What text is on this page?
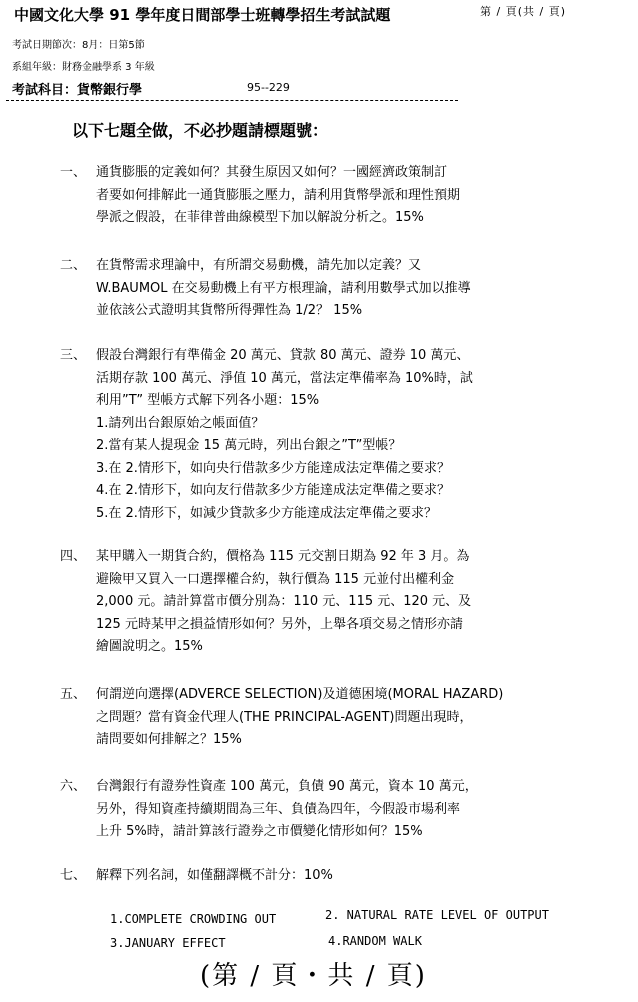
中國文化大學 91 學年度日間部學士班轉學招生考試試題	第 / 頁(共 / 頁)
考試日期節次：8月：日第5節
系組年級：財務金融學系 3 年級
考試科目：貨幣銀行學	95--229
以下七題全做，不必抄題請標題號：
一、 通貨膨脹的定義如何？其發生原因又如何？一國經濟政策制訂
者要如何排解此一通貨膨脹之壓力，請利用貨幣學派和理性預期
學派之假設，在菲律普曲線模型下加以解說分析之。15%
二、 在貨幣需求理論中，有所謂交易動機，請先加以定義？又
W.BAUMOL 在交易動機上有平方根理論，請利用數學式加以推導
並依該公式證明其貨幣所得彈性為 1/2？ 15%
三、 假設台灣銀行有準備金 20 萬元、貸款 80 萬元、證券 10 萬元、
活期存款 100 萬元、淨值 10 萬元，當法定準備率為 10%時，試
利用”T” 型帳方式解下列各小題：15%
1.請列出台銀原始之帳面值？
2.當有某人提現金 15 萬元時，列出台銀之”T”型帳？
3.在 2.情形下，如向央行借款多少方能達成法定準備之要求？
4.在 2.情形下，如向友行借款多少方能達成法定準備之要求？
5.在 2.情形下，如減少貸款多少方能達成法定準備之要求？
四、 某甲購入一期貨合約，價格為 115 元交割日期為 92 年 3 月。為
避險甲又買入一口選擇權合約，執行價為 115 元並付出權利金
2,000 元。請計算當市價分別為：110 元、115 元、120 元、及
125 元時某甲之損益情形如何？另外，上舉各項交易之情形亦請
繪圖說明之。15%
五、 何謂逆向選擇(ADVERCE SELECTION)及道德困境(MORAL HAZARD)
之問題？當有資金代理人(THE PRINCIPAL-AGENT)問題出現時，
請問要如何排解之？15%
六、 台灣銀行有證券性資產 100 萬元，負債 90 萬元，資本 10 萬元，
另外，得知資產持續期間為三年、負債為四年，今假設市場利率
上升 5%時，請計算該行證券之市價變化情形如何？15%
七、 解釋下列名詞，如僅翻譯概不計分：10%
1.COMPLETE CROWDING OUT	2. NATURAL RATE LEVEL OF OUTPUT
3.JANUARY EFFECT	4.RANDOM WALK
(第 / 頁・共 / 頁)
